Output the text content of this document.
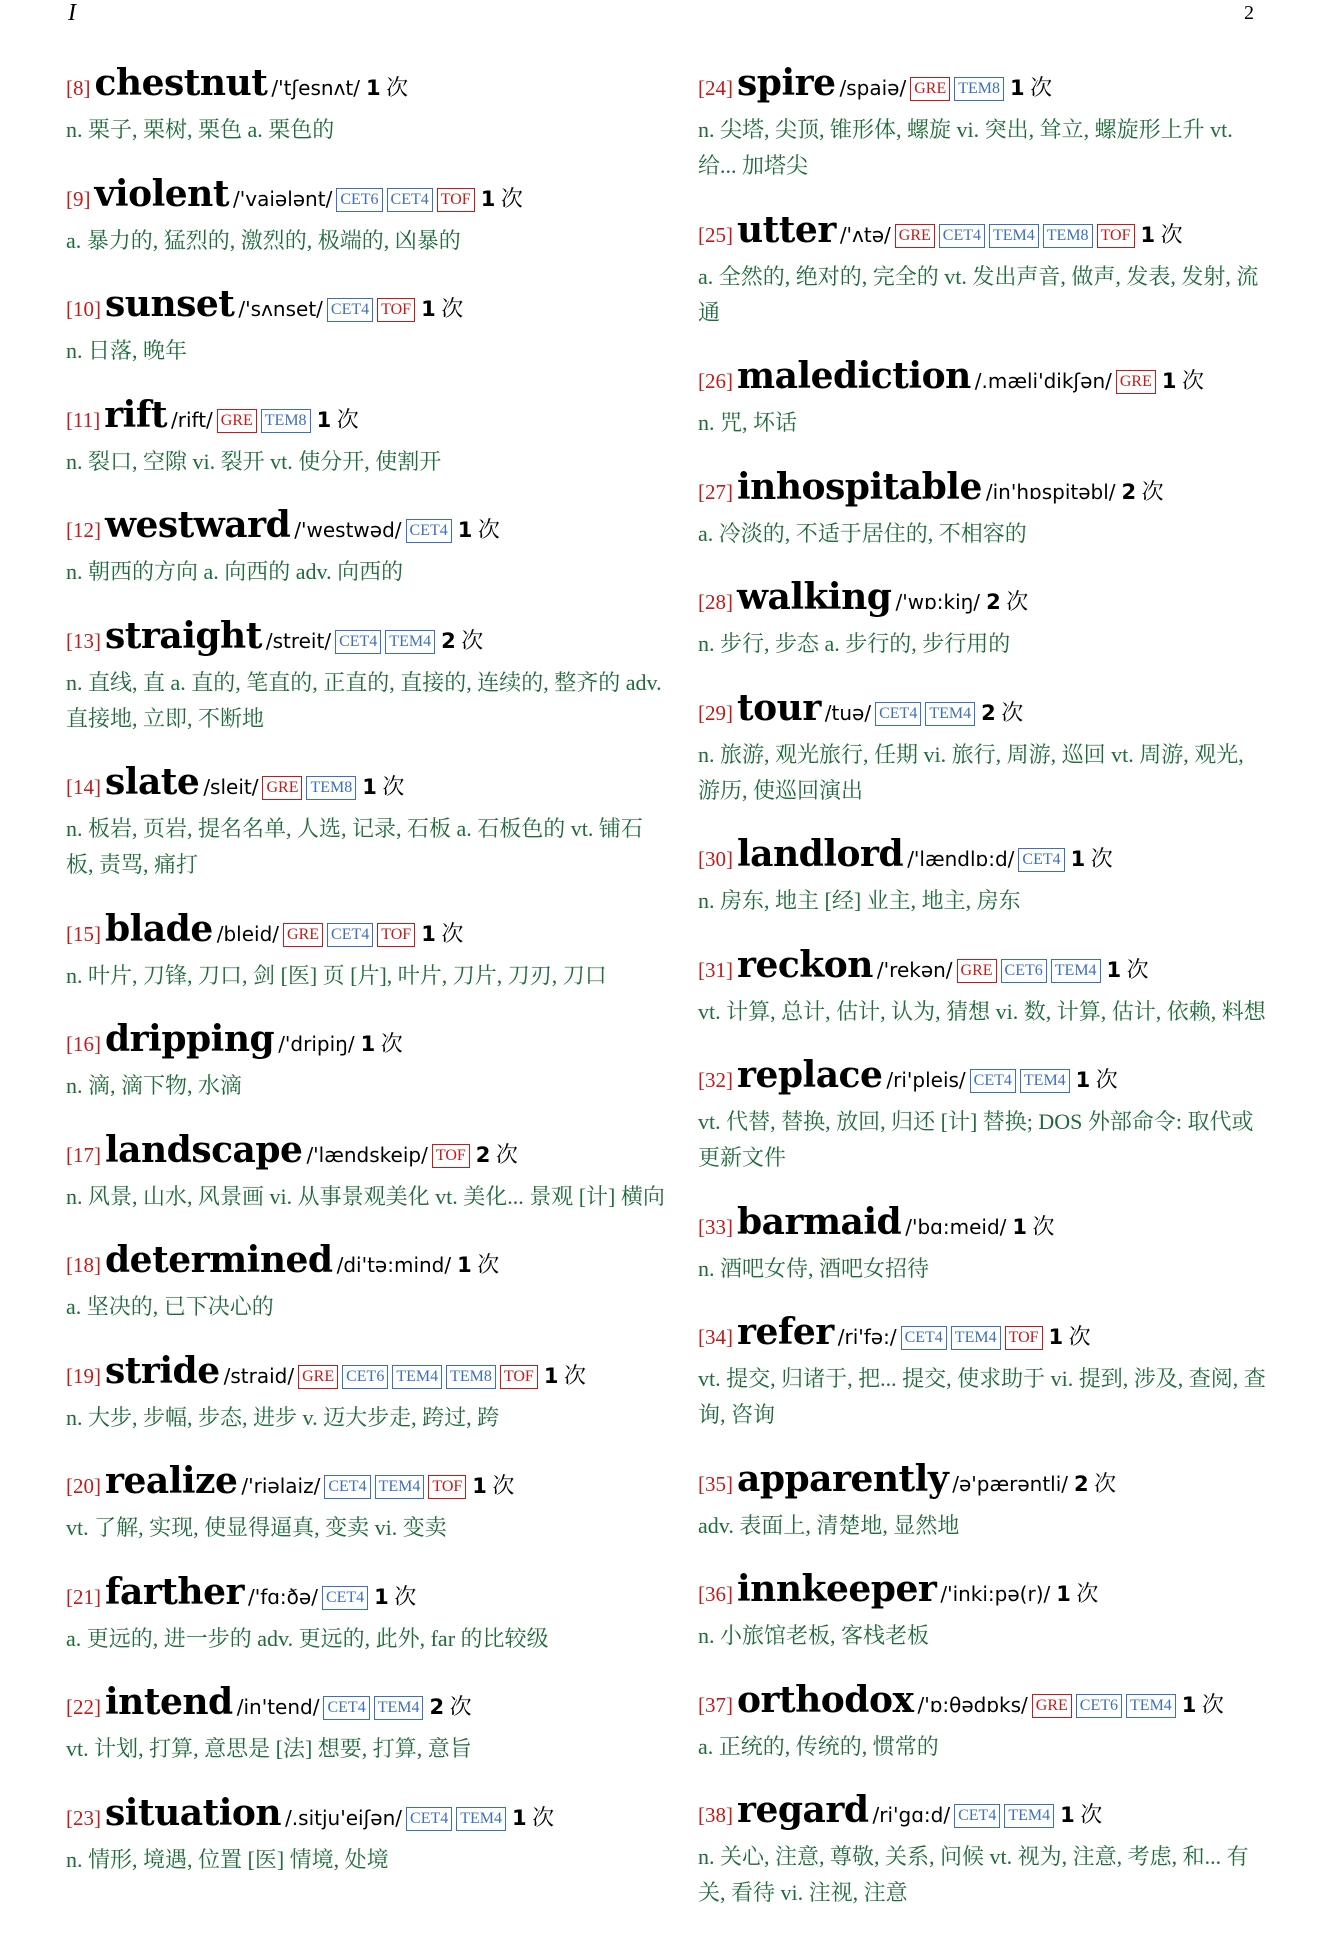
I	2
[8] chestnut /'tʃesnʌt/ 1 次
n. 栗子, 栗树, 栗色 a. 栗色的
[9] violent /'vaiələnt/ CET6 CET4 TOF 1 次
a. 暴力的, 猛烈的, 激烈的, 极端的, 凶暴的
[10] sunset /'sʌnset/ CET4 TOF 1 次
n. 日落, 晚年
[11] rift /rift/ GRE TEM8 1 次
n. 裂口, 空隙 vi. 裂开 vt. 使分开, 使割开
[12] westward /'westwəd/ CET4 1 次
n. 朝西的方向 a. 向西的 adv. 向西的
[13] straight /streit/ CET4 TEM4 2 次
n. 直线, 直 a. 直的, 笔直的, 正直的, 直接的, 连续的, 整齐的 adv. 直接地, 立即, 不断地
[14] slate /sleit/ GRE TEM8 1 次
n. 板岩, 页岩, 提名名单, 人选, 记录, 石板 a. 石板色的 vt. 铺石板, 责骂, 痛打
[15] blade /bleid/ GRE CET4 TOF 1 次
n. 叶片, 刀锋, 刀口, 剑 [医] 页 [片], 叶片, 刀片, 刀刃, 刀口
[16] dripping /'dripiŋ/ 1 次
n. 滴, 滴下物, 水滴
[17] landscape /'lændskeip/ TOF 2 次
n. 风景, 山水, 风景画 vi. 从事景观美化 vt. 美化... 景观 [计] 横向
[18] determined /di'tə:mind/ 1 次
a. 坚决的, 已下决心的
[19] stride /straid/ GRE CET6 TEM4 TEM8 TOF 1 次
n. 大步, 步幅, 步态, 进步 v. 迈大步走, 跨过, 跨
[20] realize /'riəlaiz/ CET4 TEM4 TOF 1 次
vt. 了解, 实现, 使显得逼真, 变卖 vi. 变卖
[21] farther /'fɑ:ðə/ CET4 1 次
a. 更远的, 进一步的 adv. 更远的, 此外, far 的比较级
[22] intend /in'tend/ CET4 TEM4 2 次
vt. 计划, 打算, 意思是 [法] 想要, 打算, 意旨
[23] situation /.sitju'eiʃən/ CET4 TEM4 1 次
n. 情形, 境遇, 位置 [医] 情境, 处境
[24] spire /spaiə/ GRE TEM8 1 次
n. 尖塔, 尖顶, 锥形体, 螺旋 vi. 突出, 耸立, 螺旋形上升 vt. 给... 加塔尖
[25] utter /'ʌtə/ GRE CET4 TEM4 TEM8 TOF 1 次
a. 全然的, 绝对的, 完全的 vt. 发出声音, 做声, 发表, 发射, 流通
[26] malediction /.mæli'dikʃən/ GRE 1 次
n. 咒, 坏话
[27] inhospitable /in'hɒspitəbl/ 2 次
a. 冷淡的, 不适于居住的, 不相容的
[28] walking /'wɒ:kiŋ/ 2 次
n. 步行, 步态 a. 步行的, 步行用的
[29] tour /tuə/ CET4 TEM4 2 次
n. 旅游, 观光旅行, 任期 vi. 旅行, 周游, 巡回 vt. 周游, 观光, 游历, 使巡回演出
[30] landlord /'lændlɒ:d/ CET4 1 次
n. 房东, 地主 [经] 业主, 地主, 房东
[31] reckon /'rekən/ GRE CET6 TEM4 1 次
vt. 计算, 总计, 估计, 认为, 猜想 vi. 数, 计算, 估计, 依赖, 料想
[32] replace /ri'pleis/ CET4 TEM4 1 次
vt. 代替, 替换, 放回, 归还 [计] 替换; DOS 外部命令: 取代或更新文件
[33] barmaid /'bɑ:meid/ 1 次
n. 酒吧女侍, 酒吧女招待
[34] refer /ri'fə:/ CET4 TEM4 TOF 1 次
vt. 提交, 归诸于, 把... 提交, 使求助于 vi. 提到, 涉及, 查阅, 查询, 咨询
[35] apparently /ə'pærəntli/ 2 次
adv. 表面上, 清楚地, 显然地
[36] innkeeper /'inki:pə(r)/ 1 次
n. 小旅馆老板, 客栈老板
[37] orthodox /'ɒ:θədɒks/ GRE CET6 TEM4 1 次
a. 正统的, 传统的, 惯常的
[38] regard /ri'gɑ:d/ CET4 TEM4 1 次
n. 关心, 注意, 尊敬, 关系, 问候 vt. 视为, 注意, 考虑, 和... 有关, 看待 vi. 注视, 注意
